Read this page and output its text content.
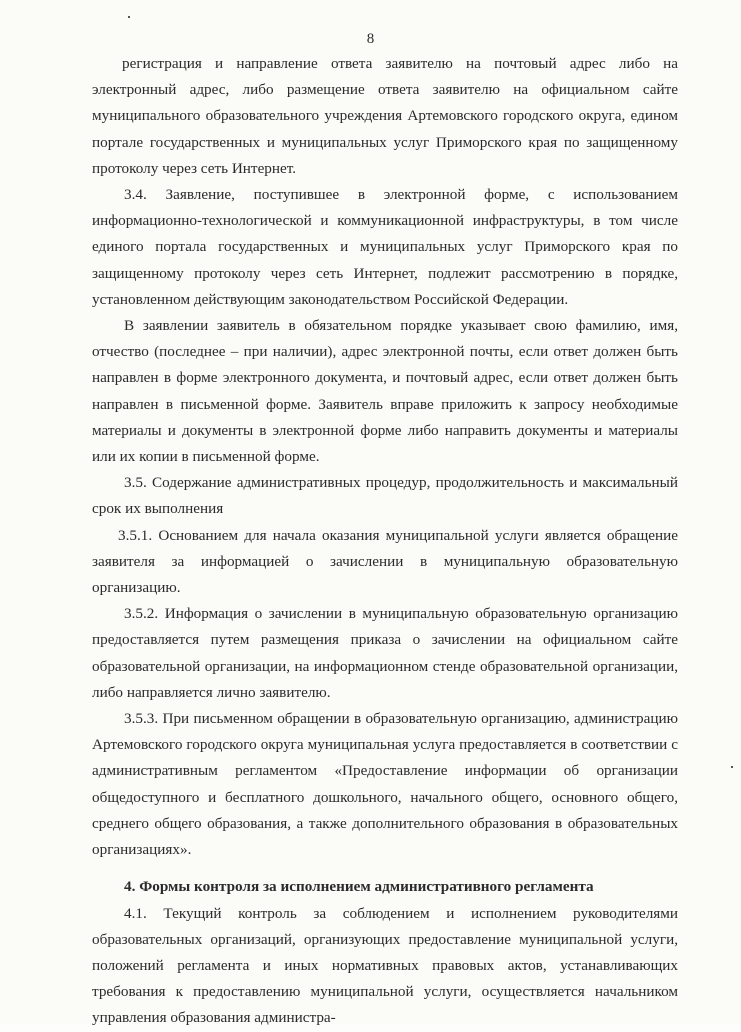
8

регистрация и направление ответа заявителю на почтовый адрес либо на электронный адрес, либо размещение ответа заявителю на официальном сайте муниципального образовательного учреждения Артемовского городского округа, едином портале государственных и муниципальных услуг Приморского края по защищенному протоколу через сеть Интернет.

3.4. Заявление, поступившее в электронной форме, с использованием информационно-технологической и коммуникационной инфраструктуры, в том числе единого портала государственных и муниципальных услуг Приморского края по защищенному протоколу через сеть Интернет, подлежит рассмотрению в порядке, установленном действующим законодательством Российской Федерации.

В заявлении заявитель в обязательном порядке указывает свою фамилию, имя, отчество (последнее – при наличии), адрес электронной почты, если ответ должен быть направлен в форме электронного документа, и почтовый адрес, если ответ должен быть направлен в письменной форме. Заявитель вправе приложить к запросу необходимые материалы и документы в электронной форме либо направить документы и материалы или их копии в письменной форме.

3.5. Содержание административных процедур, продолжительность и максимальный срок их выполнения

3.5.1. Основанием для начала оказания муниципальной услуги является обращение заявителя за информацией о зачислении в муниципальную образовательную организацию.

3.5.2. Информация о зачислении в муниципальную образовательную организацию предоставляется путем размещения приказа о зачислении на официальном сайте образовательной организации, на информационном стенде образовательной организации, либо направляется лично заявителю.

3.5.3. При письменном обращении в образовательную организацию, администрацию Артемовского городского округа муниципальная услуга предоставляется в соответствии с административным регламентом «Предоставление информации об организации общедоступного и бесплатного дошкольного, начального общего, основного общего, среднего общего образования, а также дополнительного образования в образовательных организациях».

4. Формы контроля за исполнением административного регламента

4.1. Текущий контроль за соблюдением и исполнением руководителями образовательных организаций, организующих предоставление муниципальной услуги, положений регламента и иных нормативных правовых актов, устанавливающих требования к предоставлению муниципальной услуги, осуществляется начальником управления образования администра-
